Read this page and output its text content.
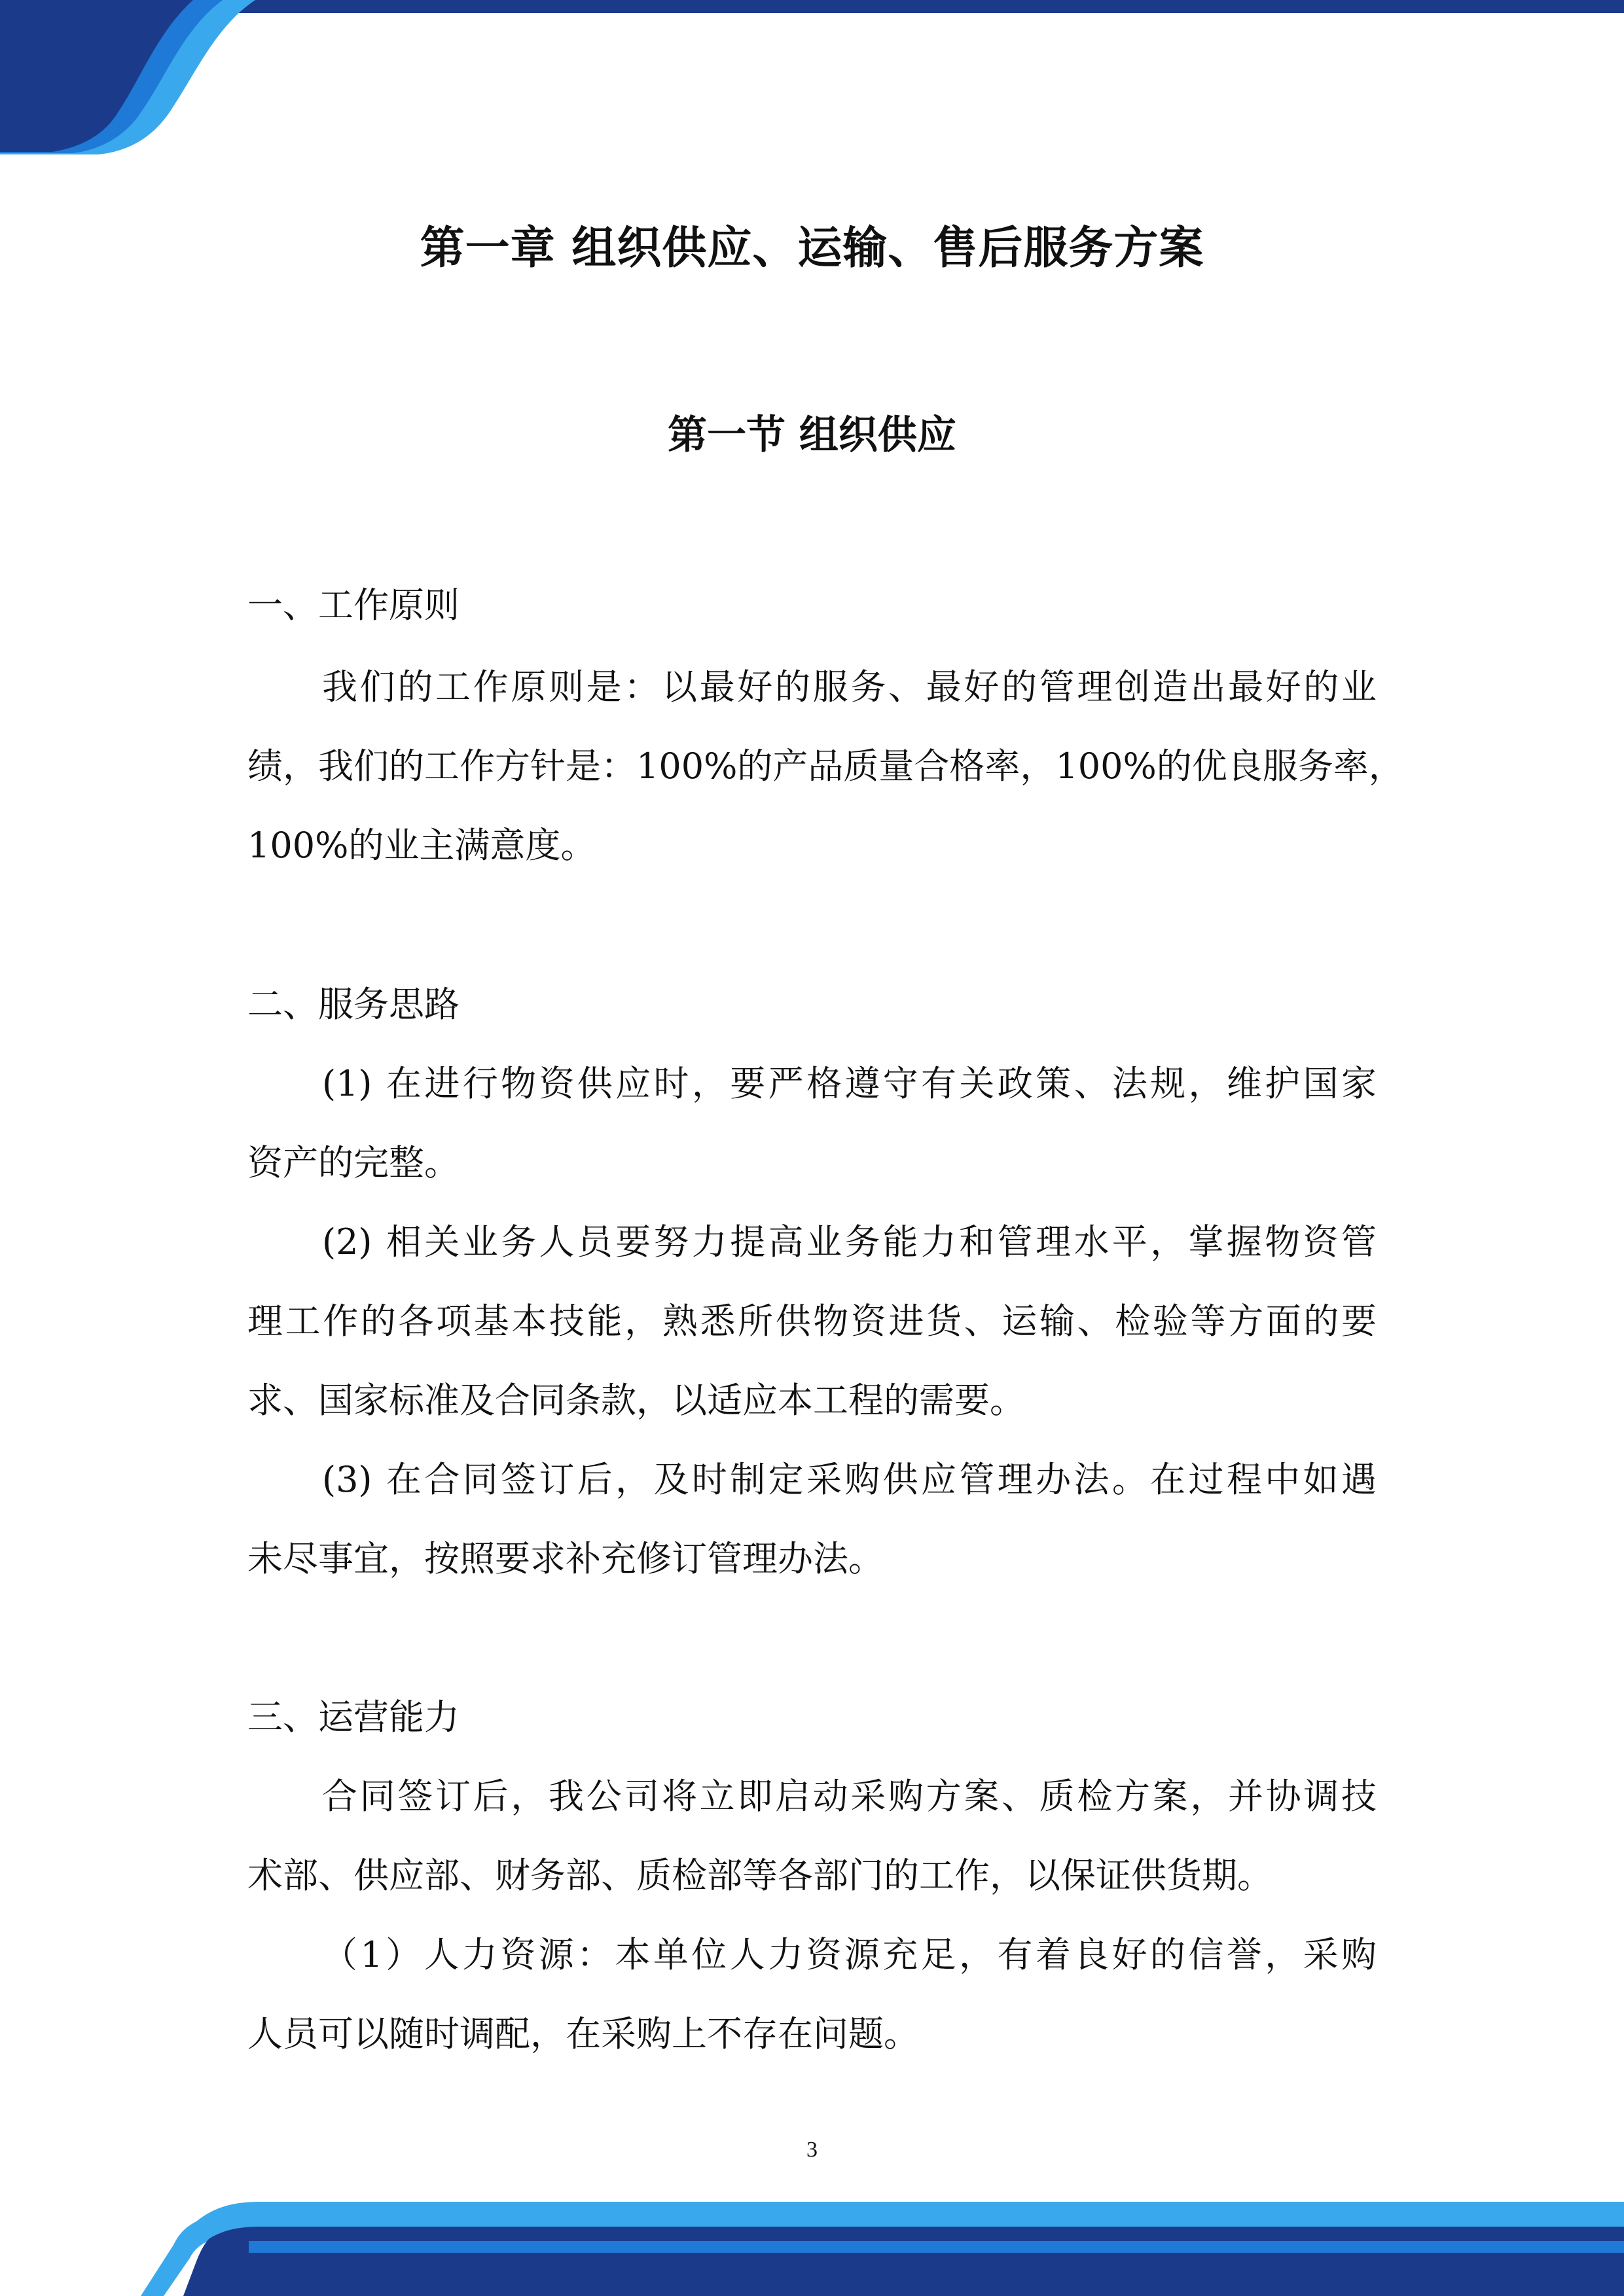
第一章 组织供应、运输、售后服务方案
第一节 组织供应
一、工作原则
我们的工作原则是：以最好的服务、最好的管理创造出最好的业
绩，我们的工作方针是：100%的产品质量合格率，100%的优良服务率，
100%的业主满意度。
二、服务思路
(1) 在进行物资供应时，要严格遵守有关政策、法规，维护国家
资产的完整。
(2) 相关业务人员要努力提高业务能力和管理水平，掌握物资管
理工作的各项基本技能，熟悉所供物资进货、运输、检验等方面的要
求、国家标准及合同条款，以适应本工程的需要。
(3) 在合同签订后，及时制定采购供应管理办法。在过程中如遇
未尽事宜，按照要求补充修订管理办法。
三、运营能力
合同签订后，我公司将立即启动采购方案、质检方案，并协调技
术部、供应部、财务部、质检部等各部门的工作，以保证供货期。
（1）人力资源：本单位人力资源充足，有着良好的信誉，采购
人员可以随时调配，在采购上不存在问题。
3
